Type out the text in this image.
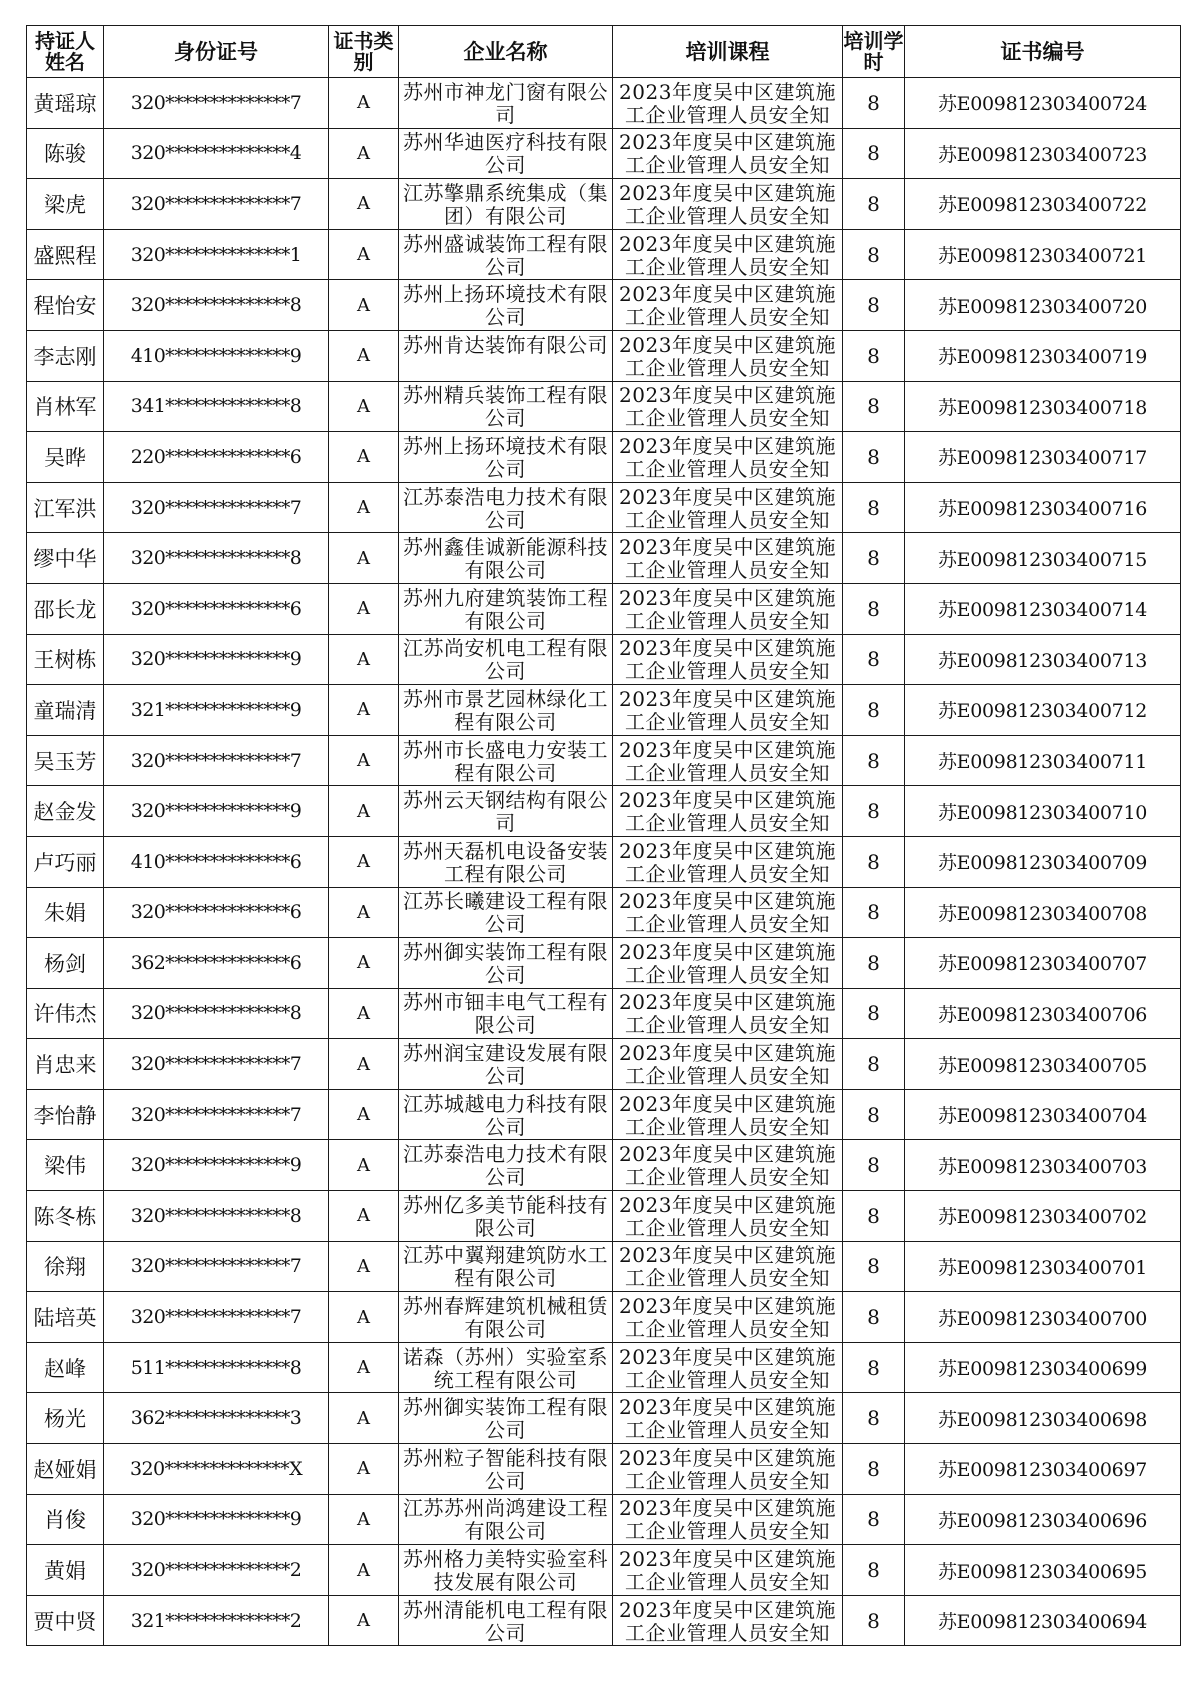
持证人姓名	身份证号	证书类别	企业名称	培训课程	培训学时	证书编号
黄瑶琼	320**************7	A	苏州市神龙门窗有限公司	2023年度吴中区建筑施工企业管理人员安全知	8	苏E009812303400724
陈骏	320**************4	A	苏州华迪医疗科技有限公司	2023年度吴中区建筑施工企业管理人员安全知	8	苏E009812303400723
梁虎	320**************7	A	江苏擎鼎系统集成（集团）有限公司	2023年度吴中区建筑施工企业管理人员安全知	8	苏E009812303400722
盛熙程	320**************1	A	苏州盛诚装饰工程有限公司	2023年度吴中区建筑施工企业管理人员安全知	8	苏E009812303400721
程怡安	320**************8	A	苏州上扬环境技术有限公司	2023年度吴中区建筑施工企业管理人员安全知	8	苏E009812303400720
李志刚	410**************9	A	苏州肯达装饰有限公司	2023年度吴中区建筑施工企业管理人员安全知	8	苏E009812303400719
肖林军	341**************8	A	苏州精兵装饰工程有限公司	2023年度吴中区建筑施工企业管理人员安全知	8	苏E009812303400718
吴晔	220**************6	A	苏州上扬环境技术有限公司	2023年度吴中区建筑施工企业管理人员安全知	8	苏E009812303400717
江军洪	320**************7	A	江苏泰浩电力技术有限公司	2023年度吴中区建筑施工企业管理人员安全知	8	苏E009812303400716
缪中华	320**************8	A	苏州鑫佳诚新能源科技有限公司	2023年度吴中区建筑施工企业管理人员安全知	8	苏E009812303400715
邵长龙	320**************6	A	苏州九府建筑装饰工程有限公司	2023年度吴中区建筑施工企业管理人员安全知	8	苏E009812303400714
王树栋	320**************9	A	江苏尚安机电工程有限公司	2023年度吴中区建筑施工企业管理人员安全知	8	苏E009812303400713
童瑞清	321**************9	A	苏州市景艺园林绿化工程有限公司	2023年度吴中区建筑施工企业管理人员安全知	8	苏E009812303400712
吴玉芳	320**************7	A	苏州市长盛电力安装工程有限公司	2023年度吴中区建筑施工企业管理人员安全知	8	苏E009812303400711
赵金发	320**************9	A	苏州云天钢结构有限公司	2023年度吴中区建筑施工企业管理人员安全知	8	苏E009812303400710
卢巧丽	410**************6	A	苏州天磊机电设备安装工程有限公司	2023年度吴中区建筑施工企业管理人员安全知	8	苏E009812303400709
朱娟	320**************6	A	江苏长曦建设工程有限公司	2023年度吴中区建筑施工企业管理人员安全知	8	苏E009812303400708
杨剑	362**************6	A	苏州御实装饰工程有限公司	2023年度吴中区建筑施工企业管理人员安全知	8	苏E009812303400707
许伟杰	320**************8	A	苏州市钿丰电气工程有限公司	2023年度吴中区建筑施工企业管理人员安全知	8	苏E009812303400706
肖忠来	320**************7	A	苏州润宝建设发展有限公司	2023年度吴中区建筑施工企业管理人员安全知	8	苏E009812303400705
李怡静	320**************7	A	江苏城越电力科技有限公司	2023年度吴中区建筑施工企业管理人员安全知	8	苏E009812303400704
梁伟	320**************9	A	江苏泰浩电力技术有限公司	2023年度吴中区建筑施工企业管理人员安全知	8	苏E009812303400703
陈冬栋	320**************8	A	苏州亿多美节能科技有限公司	2023年度吴中区建筑施工企业管理人员安全知	8	苏E009812303400702
徐翔	320**************7	A	江苏中翼翔建筑防水工程有限公司	2023年度吴中区建筑施工企业管理人员安全知	8	苏E009812303400701
陆培英	320**************7	A	苏州春辉建筑机械租赁有限公司	2023年度吴中区建筑施工企业管理人员安全知	8	苏E009812303400700
赵峰	511**************8	A	诺森（苏州）实验室系统工程有限公司	2023年度吴中区建筑施工企业管理人员安全知	8	苏E009812303400699
杨光	362**************3	A	苏州御实装饰工程有限公司	2023年度吴中区建筑施工企业管理人员安全知	8	苏E009812303400698
赵娅娟	320**************X	A	苏州粒子智能科技有限公司	2023年度吴中区建筑施工企业管理人员安全知	8	苏E009812303400697
肖俊	320**************9	A	江苏苏州尚鸿建设工程有限公司	2023年度吴中区建筑施工企业管理人员安全知	8	苏E009812303400696
黄娟	320**************2	A	苏州格力美特实验室科技发展有限公司	2023年度吴中区建筑施工企业管理人员安全知	8	苏E009812303400695
贾中贤	321**************2	A	苏州清能机电工程有限公司	2023年度吴中区建筑施工企业管理人员安全知	8	苏E009812303400694
